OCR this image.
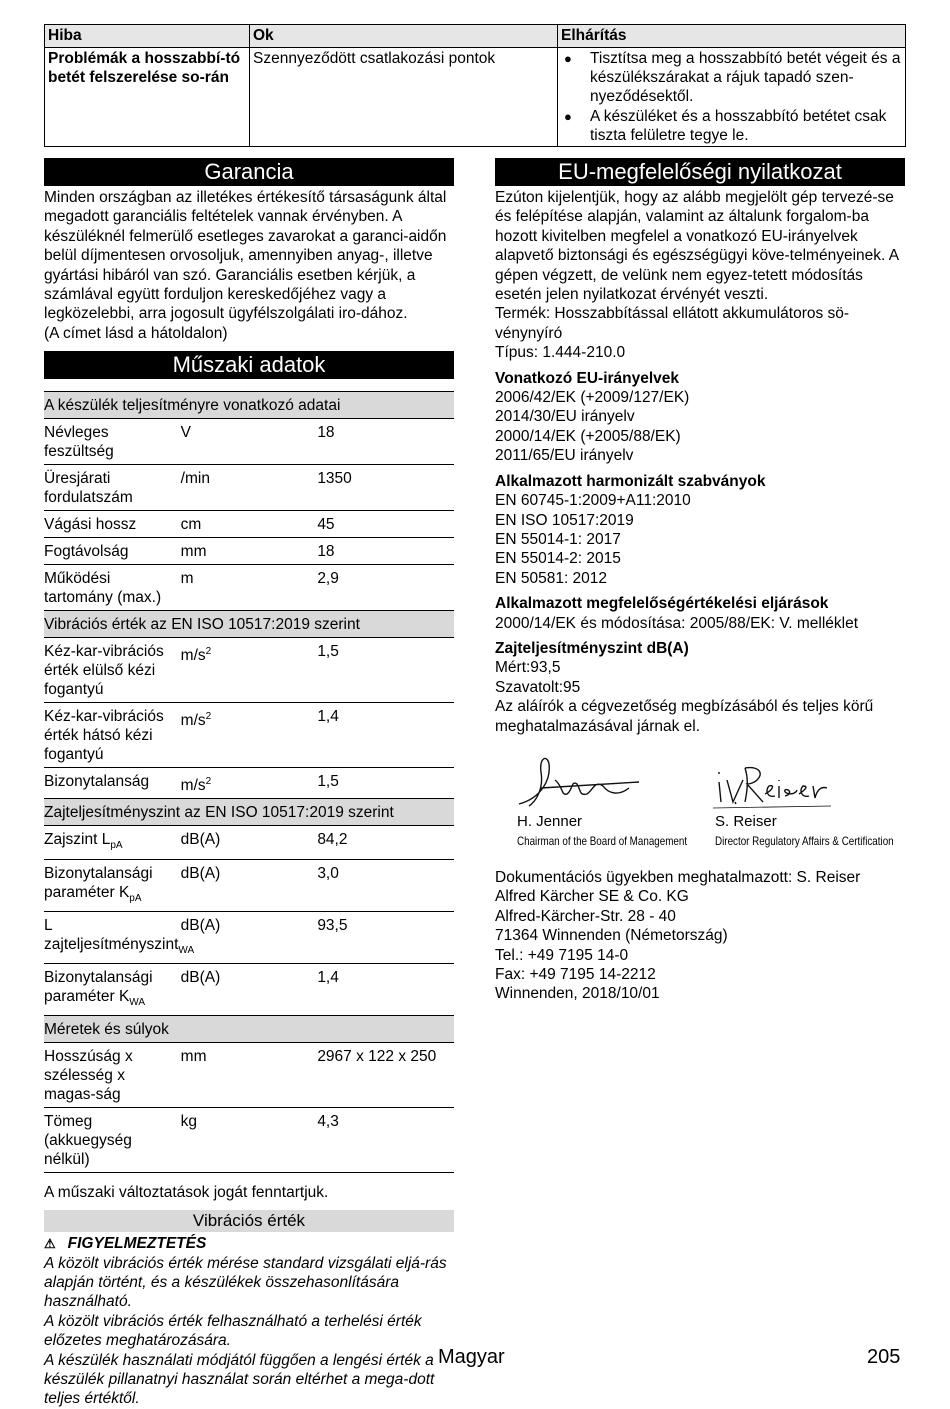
Hiba	Ok	Elhárítás
Problémák a hosszabbí-tó betét felszerelése so-rán	Szennyeződött csatlakozási pontok	● Tisztítsa meg a hosszabbító betét végeit és a készülékszárakat a rájuk tapadó szen-nyeződésektől.
● A készüléket és a hosszabbító betétet csak tiszta felületre tegye le.
Garancia

Minden országban az illetékes értékesítő társaságunk által megadott garanciális feltételek vannak érvényben. A készüléknél felmerülő esetleges zavarokat a garanci-aidőn belül díjmentesen orvosoljuk, amennyiben anyag-, illetve gyártási hibáról van szó. Garanciális esetben kérjük, a számlával együtt forduljon kereskedőjéhez vagy a legközelebbi, arra jogosult ügyfélszolgálati iro-dához.

(A címet lásd a hátoldalon)

Műszaki adatok
A készülék teljesítményre vonatkozó adatai		
Névleges feszültség	V	18
Üresjárati fordulatszám	/min	1350
Vágási hossz	cm	45
Fogtávolság	mm	18
Működési tartomány (max.)	m	2,9
Vibrációs érték az EN ISO 10517:2019 szerint		
Kéz-kar-vibrációs érték elülső kézi fogantyú	$m/s^2$	1,5
Kéz-kar-vibrációs érték hátsó kézi fogantyú	$m/s^2$	1,4
Bizonytalanság	$m/s^2$	1,5
Zajteljesítményszint az EN ISO 10517:2019 szerint		
Zajszint $L_{pA}$	dB(A)	84,2
Bizonytalansági paraméter $K_{pA}$	dB(A)	3,0
L zajteljesítményszint$_{WA}$	dB(A)	93,5
Bizonytalansági paraméter $K_{WA}$	dB(A)	1,4
Méretek és súlyok		
Hosszúság x szélesség x magas-ság	mm	2967 x 122 x 250
Tömeg (akkuegység nélkül)	kg	4,3

A műszaki változtatások jogát fenntartjuk.

Vibrációs érték
⚠ FIGYELMEZTETÉS

A közölt vibrációs érték mérése standard vizsgálati eljá-rás alapján történt, és a készülékek összehasonlítására használható.

A közölt vibrációs érték felhasználható a terhelési érték előzetes meghatározására.

A készülék használati módjától függően a lengési érték a készülék pillanatnyi használat során eltérhet a mega-dott teljes értéktől.

EU-megfelelőségi nyilatkozat

Ezúton kijelentjük, hogy az alább megjelölt gép tervezé-se és felépítése alapján, valamint az általunk forgalom-ba hozott kivitelben megfelel a vonatkozó EU-irányelvek alapvető biztonsági és egészségügyi köve-telményeinek. A gépen végzett, de velünk nem egyez-tetett módosítás esetén jelen nyilatkozat érvényét veszti.

Termék: Hosszabbítással ellátott akkumulátoros sö-vénynyíró

Típus: 1.444-210.0

Vonatkozó EU-irányelvek

2006/42/EK (+2009/127/EK)

2014/30/EU irányelv

2000/14/EK (+2005/88/EK)

2011/65/EU irányelv

Alkalmazott harmonizált szabványok

EN 60745-1:2009+A11:2010

EN ISO 10517:2019

EN 55014-1: 2017

EN 55014-2: 2015

EN 50581: 2012

Alkalmazott megfelelőségértékelési eljárások

2000/14/EK és módosítása: 2005/88/EK: V. melléklet

Zajteljesítményszint dB(A)

Mért:93,5

Szavatolt:95

Az aláírók a cégvezetőség megbízásából és teljes körű meghatalmazásával járnak el.

H. Jenner
Chairman of the Board of Management
S. Reiser
Director Regulatory Affairs & Certification

Dokumentációs ügyekben meghatalmazott: S. Reiser

Alfred Kärcher SE & Co. KG

Alfred-Kärcher-Str. 28 - 40

71364 Winnenden (Németország)

Tel.: +49 7195 14-0

Fax: +49 7195 14-2212

Winnenden, 2018/10/01

Magyar	205
